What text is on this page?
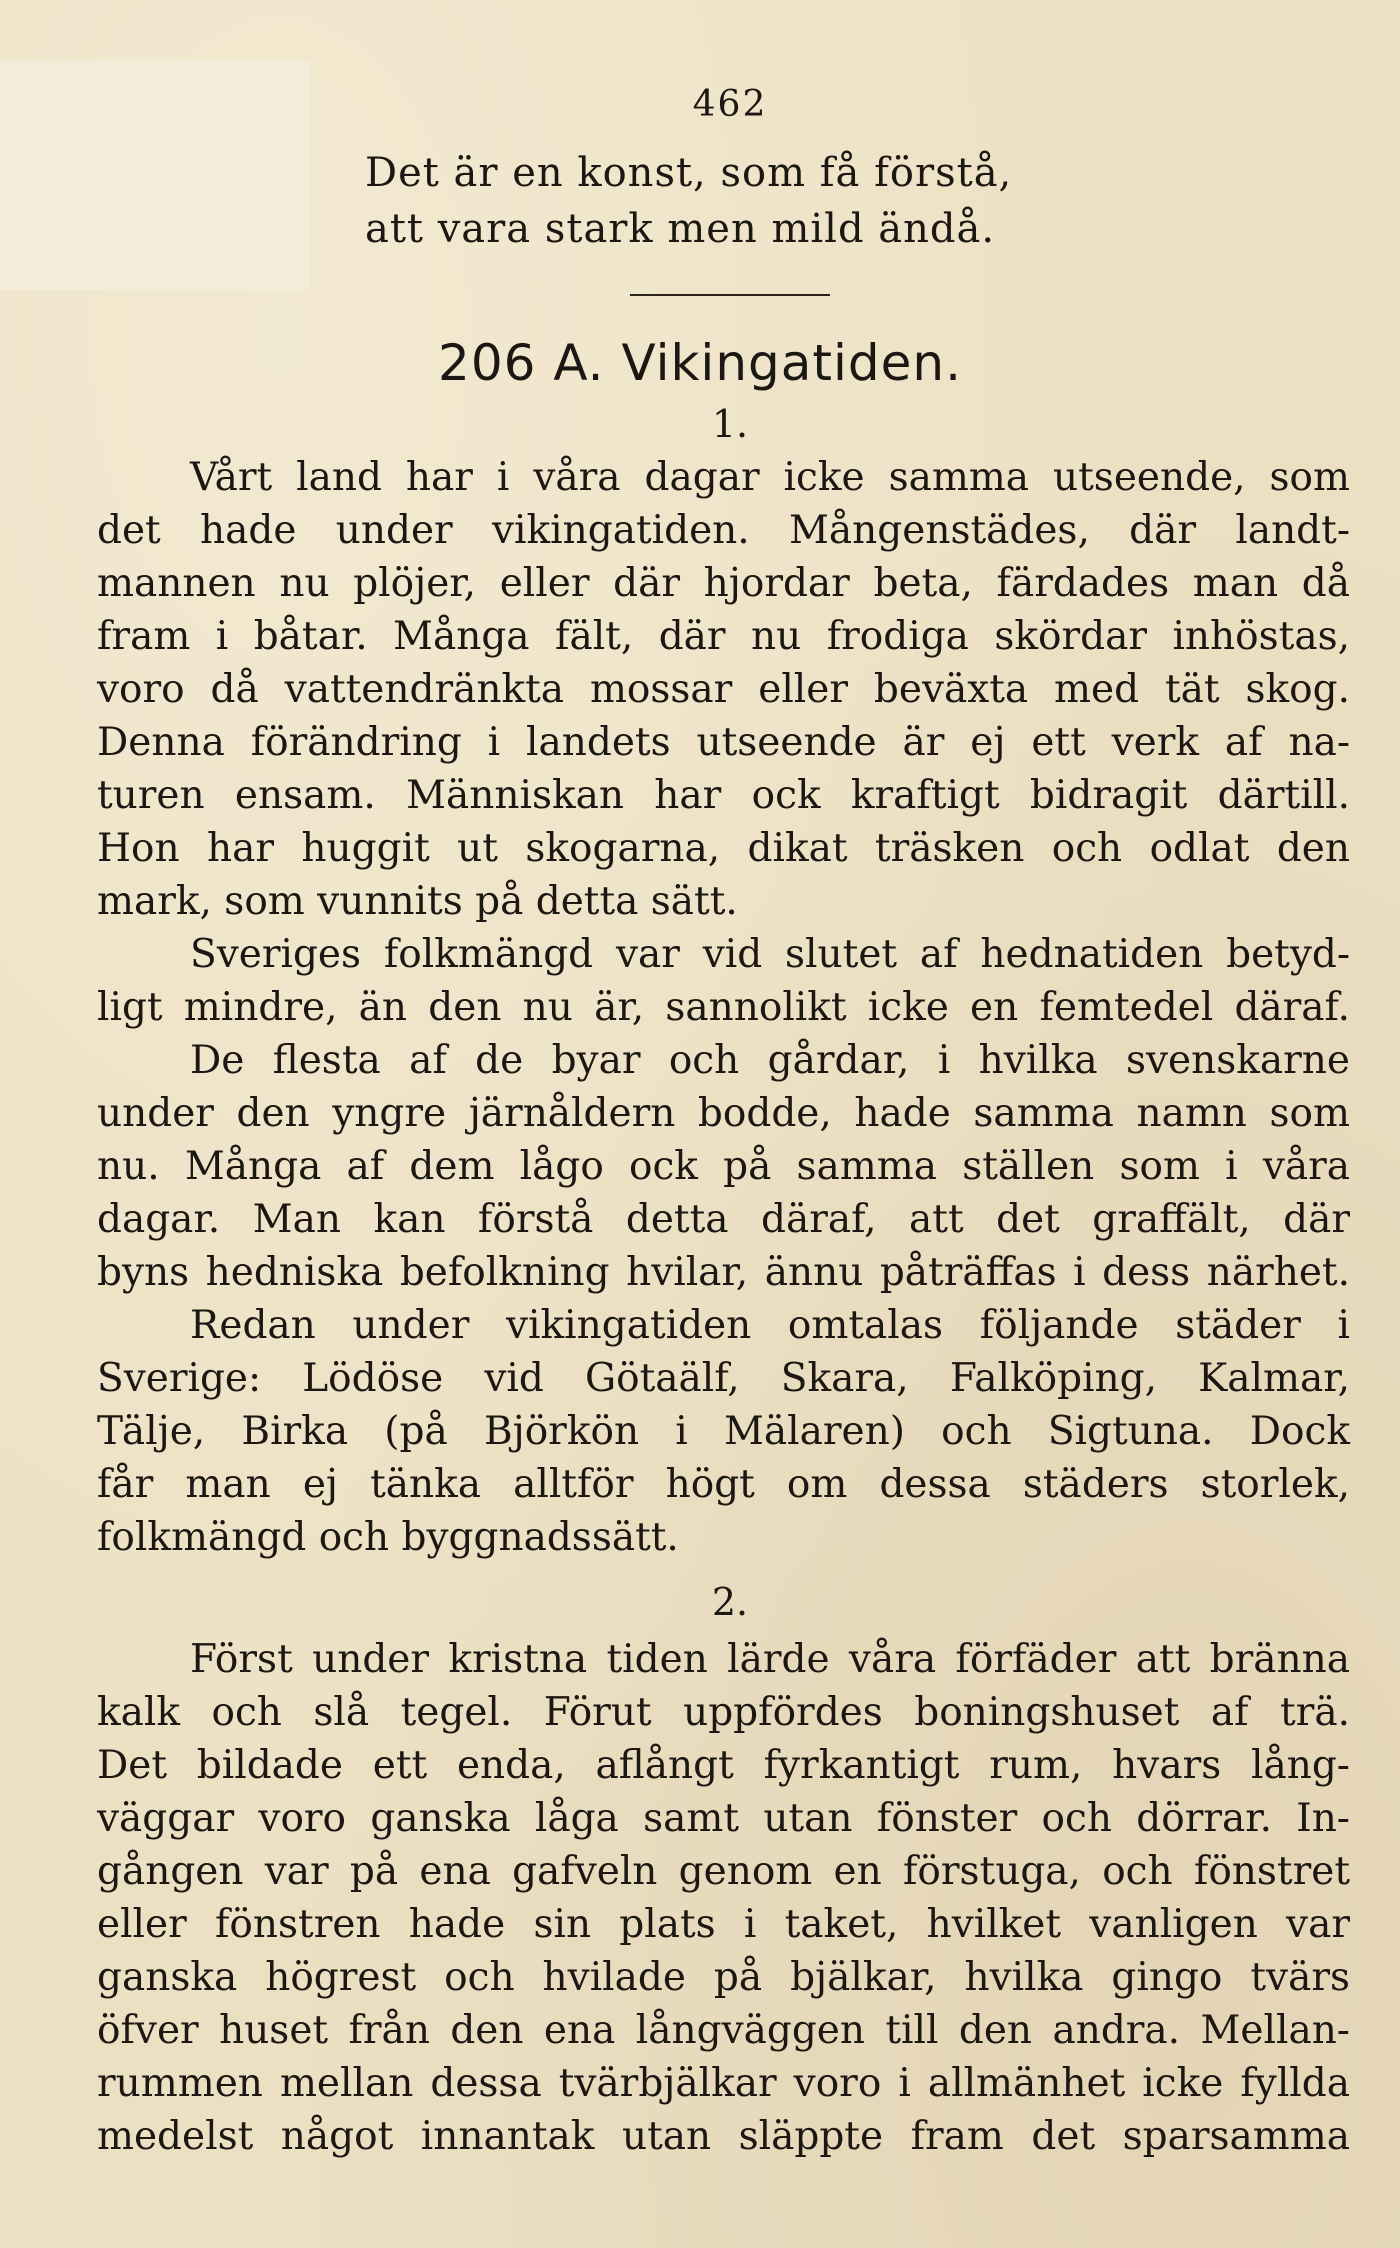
462
Det är en konst, som få förstå,
att vara stark men mild ändå.
206 A. Vikingatiden.
1.
Vårt land har i våra dagar icke samma utseende, som
det hade under vikingatiden. Mångenstädes, där landt-
mannen nu plöjer, eller där hjordar beta, färdades man då
fram i båtar. Många fält, där nu frodiga skördar inhöstas,
voro då vattendränkta mossar eller beväxta med tät skog.
Denna förändring i landets utseende är ej ett verk af na-
turen ensam. Människan har ock kraftigt bidragit därtill.
Hon har huggit ut skogarna, dikat träsken och odlat den
mark, som vunnits på detta sätt.
Sveriges folkmängd var vid slutet af hednatiden betyd-
ligt mindre, än den nu är, sannolikt icke en femtedel däraf.
De flesta af de byar och gårdar, i hvilka svenskarne
under den yngre järnåldern bodde, hade samma namn som
nu. Många af dem lågo ock på samma ställen som i våra
dagar. Man kan förstå detta däraf, att det graffält, där
byns hedniska befolkning hvilar, ännu påträffas i dess närhet.
Redan under vikingatiden omtalas följande städer i
Sverige: Lödöse vid Götaälf, Skara, Falköping, Kalmar,
Tälje, Birka (på Björkön i Mälaren) och Sigtuna. Dock
får man ej tänka alltför högt om dessa städers storlek,
folkmängd och byggnadssätt.
2.
Först under kristna tiden lärde våra förfäder att bränna
kalk och slå tegel. Förut uppfördes boningshuset af trä.
Det bildade ett enda, aflångt fyrkantigt rum, hvars lång-
väggar voro ganska låga samt utan fönster och dörrar. In-
gången var på ena gafveln genom en förstuga, och fönstret
eller fönstren hade sin plats i taket, hvilket vanligen var
ganska högrest och hvilade på bjälkar, hvilka gingo tvärs
öfver huset från den ena långväggen till den andra. Mellan-
rummen mellan dessa tvärbjälkar voro i allmänhet icke fyllda
medelst något innantak utan släppte fram det sparsamma
